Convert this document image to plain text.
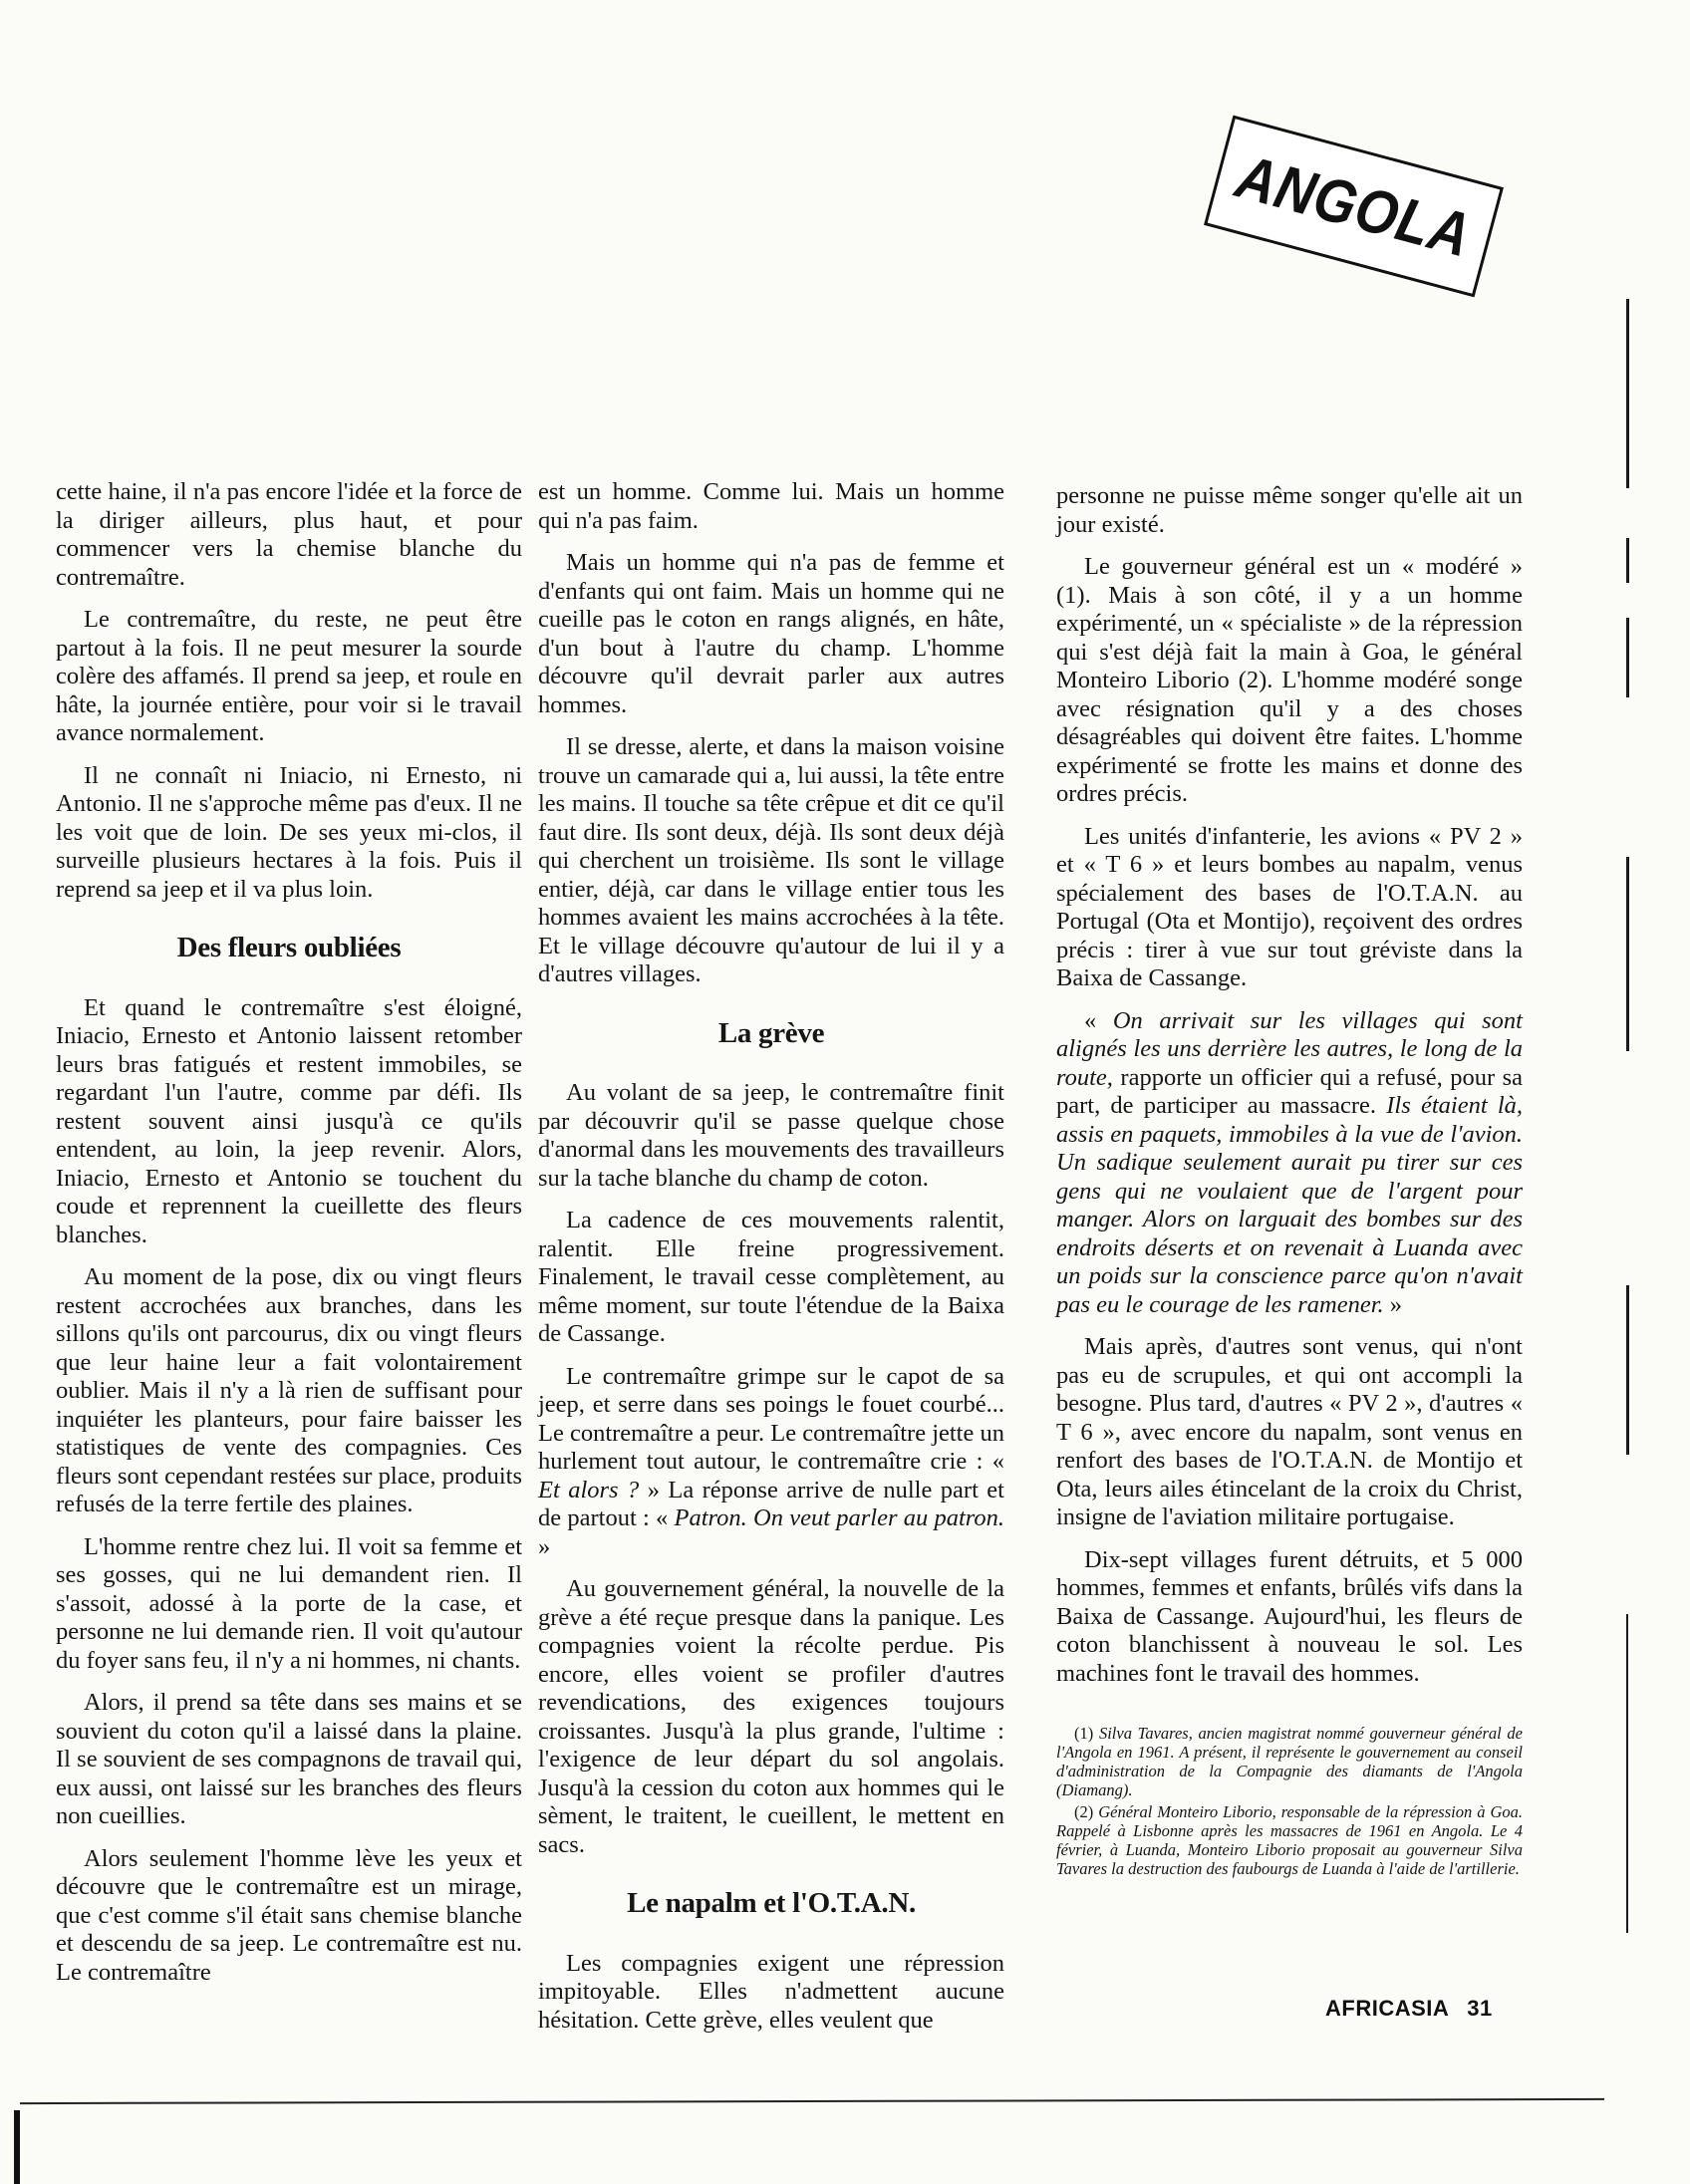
ANGOLA

cette haine, il n'a pas encore l'idée et la force de la diriger ailleurs, plus haut, et pour commencer vers la chemise blanche du contremaître.

Le contremaître, du reste, ne peut être partout à la fois. Il ne peut mesurer la sourde colère des affamés. Il prend sa jeep, et roule en hâte, la journée entière, pour voir si le travail avance normalement.

Il ne connaît ni Iniacio, ni Ernesto, ni Antonio. Il ne s'approche même pas d'eux. Il ne les voit que de loin. De ses yeux mi-clos, il surveille plusieurs hectares à la fois. Puis il reprend sa jeep et il va plus loin.

Des fleurs oubliées

Et quand le contremaître s'est éloigné, Iniacio, Ernesto et Antonio laissent retomber leurs bras fatigués et restent immobiles, se regardant l'un l'autre, comme par défi. Ils restent souvent ainsi jusqu'à ce qu'ils entendent, au loin, la jeep revenir. Alors, Iniacio, Ernesto et Antonio se touchent du coude et reprennent la cueillette des fleurs blanches.

Au moment de la pose, dix ou vingt fleurs restent accrochées aux branches, dans les sillons qu'ils ont parcourus, dix ou vingt fleurs que leur haine leur a fait volontairement oublier. Mais il n'y a là rien de suffisant pour inquiéter les planteurs, pour faire baisser les statistiques de vente des compagnies. Ces fleurs sont cependant restées sur place, produits refusés de la terre fertile des plaines.

L'homme rentre chez lui. Il voit sa femme et ses gosses, qui ne lui demandent rien. Il s'assoit, adossé à la porte de la case, et personne ne lui demande rien. Il voit qu'autour du foyer sans feu, il n'y a ni hommes, ni chants.

Alors, il prend sa tête dans ses mains et se souvient du coton qu'il a laissé dans la plaine. Il se souvient de ses compagnons de travail qui, eux aussi, ont laissé sur les branches des fleurs non cueillies.

Alors seulement l'homme lève les yeux et découvre que le contremaître est un mirage, que c'est comme s'il était sans chemise blanche et descendu de sa jeep. Le contremaître est nu. Le contremaître

est un homme. Comme lui. Mais un homme qui n'a pas faim.

Mais un homme qui n'a pas de femme et d'enfants qui ont faim. Mais un homme qui ne cueille pas le coton en rangs alignés, en hâte, d'un bout à l'autre du champ. L'homme découvre qu'il devrait parler aux autres hommes.

Il se dresse, alerte, et dans la maison voisine trouve un camarade qui a, lui aussi, la tête entre les mains. Il touche sa tête crêpue et dit ce qu'il faut dire. Ils sont deux, déjà. Ils sont deux déjà qui cherchent un troisième. Ils sont le village entier, déjà, car dans le village entier tous les hommes avaient les mains accrochées à la tête. Et le village découvre qu'autour de lui il y a d'autres villages.

La grève

Au volant de sa jeep, le contremaître finit par découvrir qu'il se passe quelque chose d'anormal dans les mouvements des travailleurs sur la tache blanche du champ de coton.

La cadence de ces mouvements ralentit, ralentit. Elle freine progressivement. Finalement, le travail cesse complètement, au même moment, sur toute l'étendue de la Baixa de Cassange.

Le contremaître grimpe sur le capot de sa jeep, et serre dans ses poings le fouet courbé... Le contremaître a peur. Le contremaître jette un hurlement tout autour, le contremaître crie : « Et alors ? » La réponse arrive de nulle part et de partout : « Patron. On veut parler au patron. »

Au gouvernement général, la nouvelle de la grève a été reçue presque dans la panique. Les compagnies voient la récolte perdue. Pis encore, elles voient se profiler d'autres revendications, des exigences toujours croissantes. Jusqu'à la plus grande, l'ultime : l'exigence de leur départ du sol angolais. Jusqu'à la cession du coton aux hommes qui le sèment, le traitent, le cueillent, le mettent en sacs.

Le napalm et l'O.T.A.N.

Les compagnies exigent une répression impitoyable. Elles n'admettent aucune hésitation. Cette grève, elles veulent que

personne ne puisse même songer qu'elle ait un jour existé.

Le gouverneur général est un « modéré » (1). Mais à son côté, il y a un homme expérimenté, un « spécialiste » de la répression qui s'est déjà fait la main à Goa, le général Monteiro Liborio (2). L'homme modéré songe avec résignation qu'il y a des choses désagréables qui doivent être faites. L'homme expérimenté se frotte les mains et donne des ordres précis.

Les unités d'infanterie, les avions « PV 2 » et « T 6 » et leurs bombes au napalm, venus spécialement des bases de l'O.T.A.N. au Portugal (Ota et Montijo), reçoivent des ordres précis : tirer à vue sur tout gréviste dans la Baixa de Cassange.

« On arrivait sur les villages qui sont alignés les uns derrière les autres, le long de la route, rapporte un officier qui a refusé, pour sa part, de participer au massacre. Ils étaient là, assis en paquets, immobiles à la vue de l'avion. Un sadique seulement aurait pu tirer sur ces gens qui ne voulaient que de l'argent pour manger. Alors on larguait des bombes sur des endroits déserts et on revenait à Luanda avec un poids sur la conscience parce qu'on n'avait pas eu le courage de les ramener. »

Mais après, d'autres sont venus, qui n'ont pas eu de scrupules, et qui ont accompli la besogne. Plus tard, d'autres « PV 2 », d'autres « T 6 », avec encore du napalm, sont venus en renfort des bases de l'O.T.A.N. de Montijo et Ota, leurs ailes étincelant de la croix du Christ, insigne de l'aviation militaire portugaise.

Dix-sept villages furent détruits, et 5 000 hommes, femmes et enfants, brûlés vifs dans la Baixa de Cassange. Aujourd'hui, les fleurs de coton blanchissent à nouveau le sol. Les machines font le travail des hommes.

(1) Silva Tavares, ancien magistrat nommé gouverneur général de l'Angola en 1961. A présent, il représente le gouvernement au conseil d'administration de la Compagnie des diamants de l'Angola (Diamang).

(2) Général Monteiro Liborio, responsable de la répression à Goa. Rappelé à Lisbonne après les massacres de 1961 en Angola. Le 4 février, à Luanda, Monteiro Liborio proposait au gouverneur Silva Tavares la destruction des faubourgs de Luanda à l'aide de l'artillerie.

AFRICASIA 31
